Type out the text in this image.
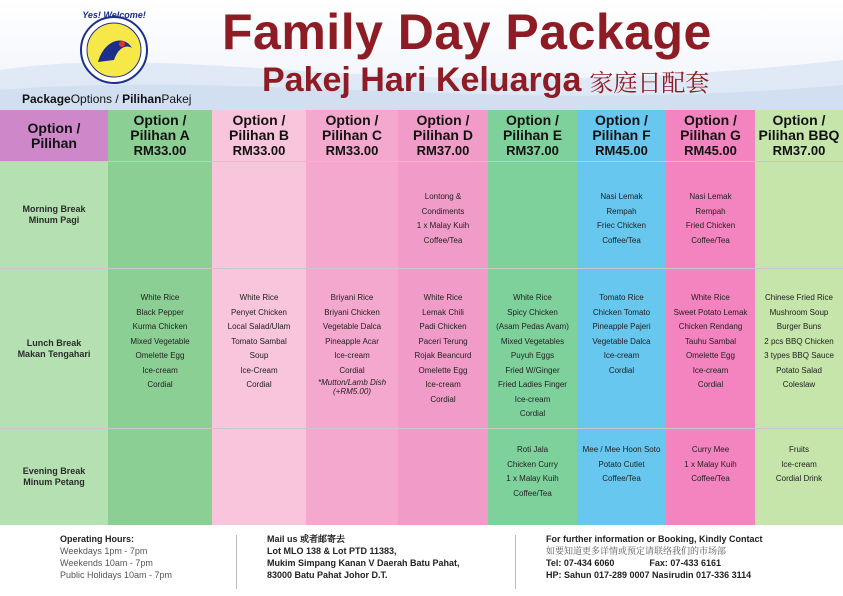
Yes! Welcome! Family Day Package
Pakej Hari Keluarga 家庭日配套
PackageOptions / PilihanPakej
Option /
Pilihan
Morning Break
Minum Pagi
Lunch Break
Makan Tengahari
Evening Break
Minum Petang
Option /
Pilihan A
RM33.00
White Rice
Black Pepper
Kurma Chicken
Mixed Vegetable
Omelette Egg
Ice-cream
Cordial
Option /
Pilihan B
RM33.00
White Rice
Penyet Chicken
Local Salad/Ulam
Tomato Sambal
Soup
Ice-Cream
Cordial
Option /
Pilihan C
RM33.00
Briyani Rice
Briyani Chicken
Vegetable Dalca
Pineapple Acar
Ice-cream
Cordial
*Mutton/Lamb Dish
(+RM5.00)
Option /
Pilihan D
RM37.00
Lontong &
Condiments
1 x Malay Kuih
Coffee/Tea
White Rice
Lemak Chili
Padi Chicken
Paceri Terung
Rojak Beancurd
Omelette Egg
Ice-cream
Cordial
Option /
Pilihan E
RM37.00
White Rice
Spicy Chicken
(Asam Pedas Avam)
Mixed Vegetables
Puyuh Eggs
Fried W/Ginger
Fried Ladies Finger
Ice-cream
Cordial
Roti Jala
Chicken Curry
1 x Malay Kuih
Coffee/Tea
Option /
Pilihan F
RM45.00
Nasi Lemak
Rempah
Friec Chicken
Coffee/Tea
Tomato Rice
Chicken Tomato
Pineapple Pajeri
Vegetable Dalca
Ice-cream
Cordial
Mee / Mee Hoon Soto
Potato Cutlet
Coffee/Tea
Option /
Pilihan G
RM45.00
Nasi Lemak
Rempah
Fried Chicken
Coffee/Tea
White Rice
Sweet Potato Lemak
Chicken Rendang
Tauhu Sambal
Omelette Egg
Ice-cream
Cordial
Curry Mee
1 x Malay Kuih
Coffee/Tea
Option /
Pilihan BBQ
RM37.00
Chinese Fried Rice
Mushroom Soup
Burger Buns
2 pcs BBQ Chicken
3 types BBQ Sauce
Potato Salad
Coleslaw
Fruits
Ice-cream
Cordial Drink
Operating Hours:
Weekdays 1pm - 7pm
Weekends 10am - 7pm
Public Holidays 10am - 7pm
Mail us 或者邮寄去
Lot MLO 138 & Lot PTD 11383,
Mukim Simpang Kanan V Daerah Batu Pahat,
83000 Batu Pahat Johor D.T.
For further information or Booking, Kindly Contact
如要知道更多详情或预定请联络我们的市场部
Tel: 07-434 6060	Fax: 07-433 6161
HP: Sahun 017-289 0007 Nasirudin 017-336 3114
